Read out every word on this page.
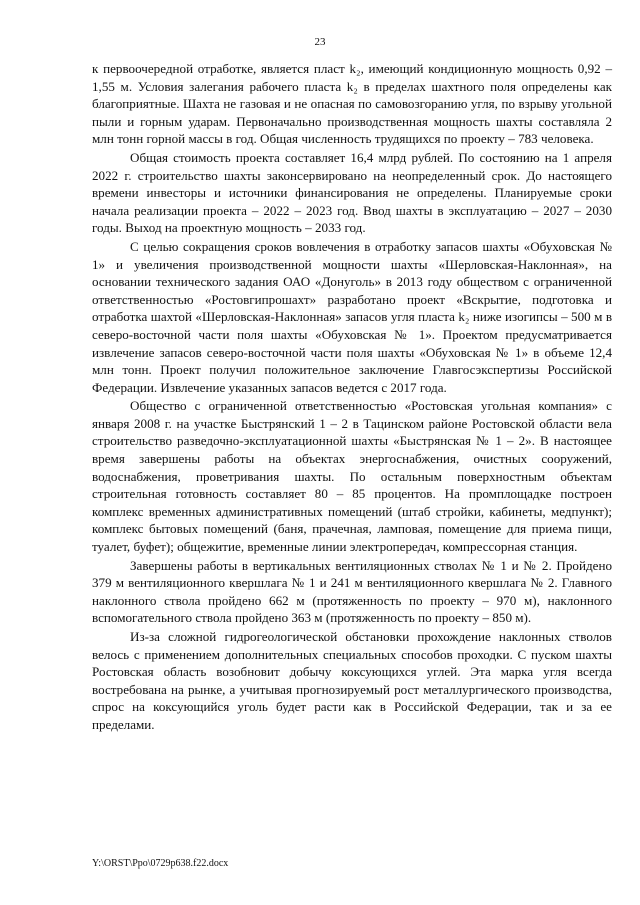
23

к первоочередной отработке, является пласт k₂, имеющий кондиционную мощность 0,92 – 1,55 м. Условия залегания рабочего пласта k₂ в пределах шахтного поля определены как благоприятные. Шахта не газовая и не опасная по самовозгоранию угля, по взрыву угольной пыли и горным ударам. Первоначально производственная мощность шахты составляла 2 млн тонн горной массы в год. Общая численность трудящихся по проекту – 783 человека.

Общая стоимость проекта составляет 16,4 млрд рублей. По состоянию на 1 апреля 2022 г. строительство шахты законсервировано на неопределенный срок. До настоящего времени инвесторы и источники финансирования не определены. Планируемые сроки начала реализации проекта – 2022 – 2023 год. Ввод шахты в эксплуатацию – 2027 – 2030 годы. Выход на проектную мощность – 2033 год.

С целью сокращения сроков вовлечения в отработку запасов шахты «Обуховская № 1» и увеличения производственной мощности шахты «Шерловская-Наклонная», на основании технического задания ОАО «Донуголь» в 2013 году обществом с ограниченной ответственностью «Ростовгипрошахт» разработано проект «Вскрытие, подготовка и отработка шахтой «Шерловская-Наклонная» запасов угля пласта k₂ ниже изогипсы – 500 м в северо-восточной части поля шахты «Обуховская № 1». Проектом предусматривается извлечение запасов северо-восточной части поля шахты «Обуховская № 1» в объеме 12,4 млн тонн. Проект получил положительное заключение Главгосэкспертизы Российской Федерации. Извлечение указанных запасов ведется с 2017 года.

Общество с ограниченной ответственностью «Ростовская угольная компания» с января 2008 г. на участке Быстрянский 1 – 2 в Тацинском районе Ростовской области вела строительство разведочно-эксплуатационной шахты «Быстрянская № 1 – 2». В настоящее время завершены работы на объектах энергоснабжения, очистных сооружений, водоснабжения, проветривания шахты. По остальным поверхностным объектам строительная готовность составляет 80 – 85 процентов. На промплощадке построен комплекс временных административных помещений (штаб стройки, кабинеты, медпункт); комплекс бытовых помещений (баня, прачечная, ламповая, помещение для приема пищи, туалет, буфет); общежитие, временные линии электропередач, компрессорная станция.

Завершены работы в вертикальных вентиляционных стволах № 1 и № 2. Пройдено 379 м вентиляционного квершлага № 1 и 241 м вентиляционного квершлага № 2. Главного наклонного ствола пройдено 662 м (протяженность по проекту – 970 м), наклонного вспомогательного ствола пройдено 363 м (протяженность по проекту – 850 м).

Из-за сложной гидрогеологической обстановки прохождение наклонных стволов велось с применением дополнительных специальных способов проходки. С пуском шахты Ростовская область возобновит добычу коксующихся углей. Эта марка угля всегда востребована на рынке, а учитывая прогнозируемый рост металлургического производства, спрос на коксующийся уголь будет расти как в Российской Федерации, так и за ее пределами.

Y:\ORST\Ppo\0729p638.f22.docx
